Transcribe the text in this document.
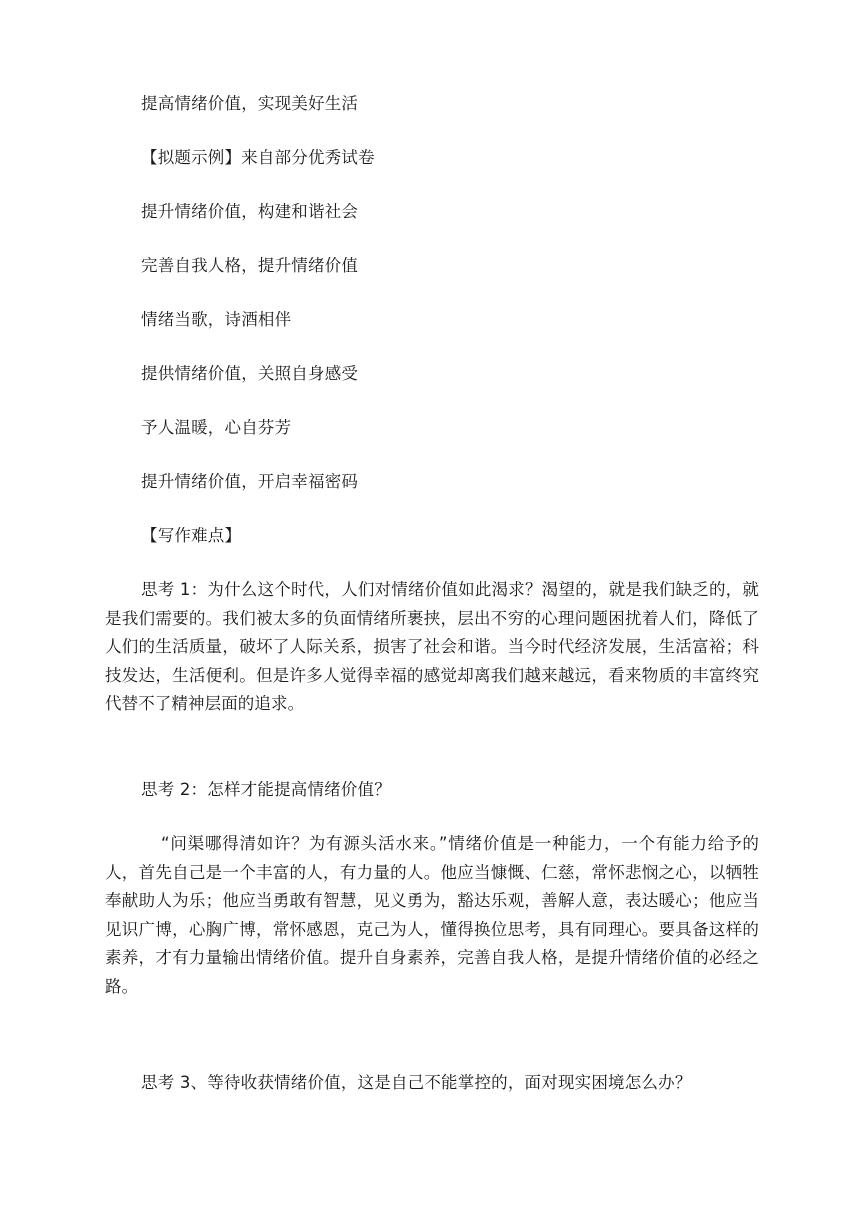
提高情绪价值，实现美好生活
【拟题示例】来自部分优秀试卷
提升情绪价值，构建和谐社会
完善自我人格，提升情绪价值
情绪当歌，诗酒相伴
提供情绪价值，关照自身感受
予人温暖，心自芬芳
提升情绪价值，开启幸福密码
【写作难点】

思考 1：为什么这个时代，人们对情绪价值如此渴求？渴望的，就是我们缺乏的，就是我们需要的。我们被太多的负面情绪所裹挟，层出不穷的心理问题困扰着人们，降低了人们的生活质量，破坏了人际关系，损害了社会和谐。当今时代经济发展，生活富裕；科技发达，生活便利。但是许多人觉得幸福的感觉却离我们越来越远，看来物质的丰富终究代替不了精神层面的追求。

思考 2：怎样才能提高情绪价值？

“问渠哪得清如许？为有源头活水来。”情绪价值是一种能力，一个有能力给予的人，首先自己是一个丰富的人，有力量的人。他应当慷慨、仁慈，常怀悲悯之心，以牺牲奉献助人为乐；他应当勇敢有智慧，见义勇为，豁达乐观，善解人意，表达暖心；他应当见识广博，心胸广博，常怀感恩，克己为人，懂得换位思考，具有同理心。要具备这样的素养，才有力量输出情绪价值。提升自身素养，完善自我人格，是提升情绪价值的必经之路。

思考 3、等待收获情绪价值，这是自己不能掌控的，面对现实困境怎么办？
